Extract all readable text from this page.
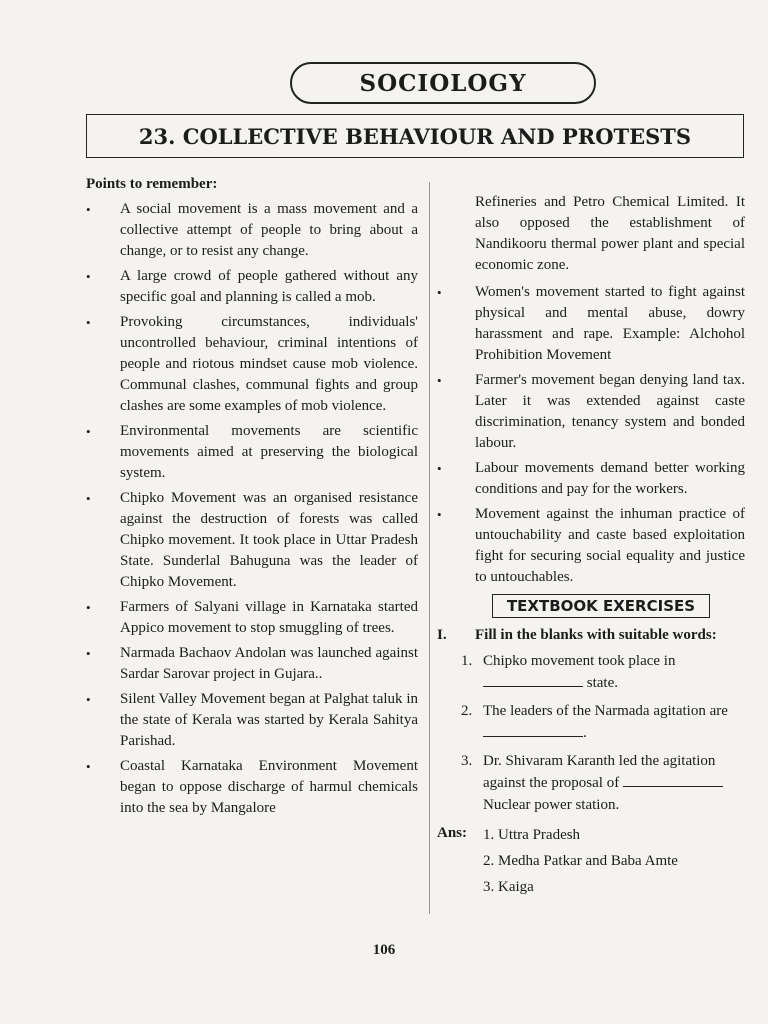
SOCIOLOGY
23. COLLECTIVE BEHAVIOUR AND PROTESTS
Points to remember:
• A social movement is a mass movement and a collective attempt of people to bring about a change, or to resist any change.
• A large crowd of people gathered without any specific goal and planning is called a mob.
• Provoking circumstances, individuals' uncontrolled behaviour, criminal intentions of people and riotous mindset cause mob violence. Communal clashes, communal fights and group clashes are some examples of mob violence.
• Environmental movements are scientific movements aimed at preserving the biological system.
• Chipko Movement was an organised resistance against the destruction of forests was called Chipko movement. It took place in Uttar Pradesh State. Sunderlal Bahuguna was the leader of Chipko Movement.
• Farmers of Salyani village in Karnataka started Appico movement to stop smuggling of trees.
• Narmada Bachaov Andolan was launched against Sardar Sarovar project in Gujara..
• Silent Valley Movement began at Palghat taluk in the state of Kerala was started by Kerala Sahitya Parishad.
• Coastal Karnataka Environment Movement began to oppose discharge of harmul chemicals into the sea by Mangalore
Refineries and Petro Chemical Limited. It also opposed the establishment of Nandikooru thermal power plant and special economic zone.
• Women's movement started to fight against physical and mental abuse, dowry harassment and rape. Example: Alchohol Prohibition Movement
• Farmer's movement began denying land tax. Later it was extended against caste discrimination, tenancy system and bonded labour.
• Labour movements demand better working conditions and pay for the workers.
• Movement against the inhuman practice of untouchability and caste based exploitation fight for securing social equality and justice to untouchables.
TEXTBOOK EXERCISES
I.	Fill in the blanks with suitable words:
1. Chipko movement took place in  state.
2. The leaders of the Narmada agitation are .
3. Dr. Shivaram Karanth led the agitation against the proposal of  Nuclear power station.
Ans:	1. Uttra Pradesh
2. Medha Patkar and Baba Amte
3. Kaiga
106
